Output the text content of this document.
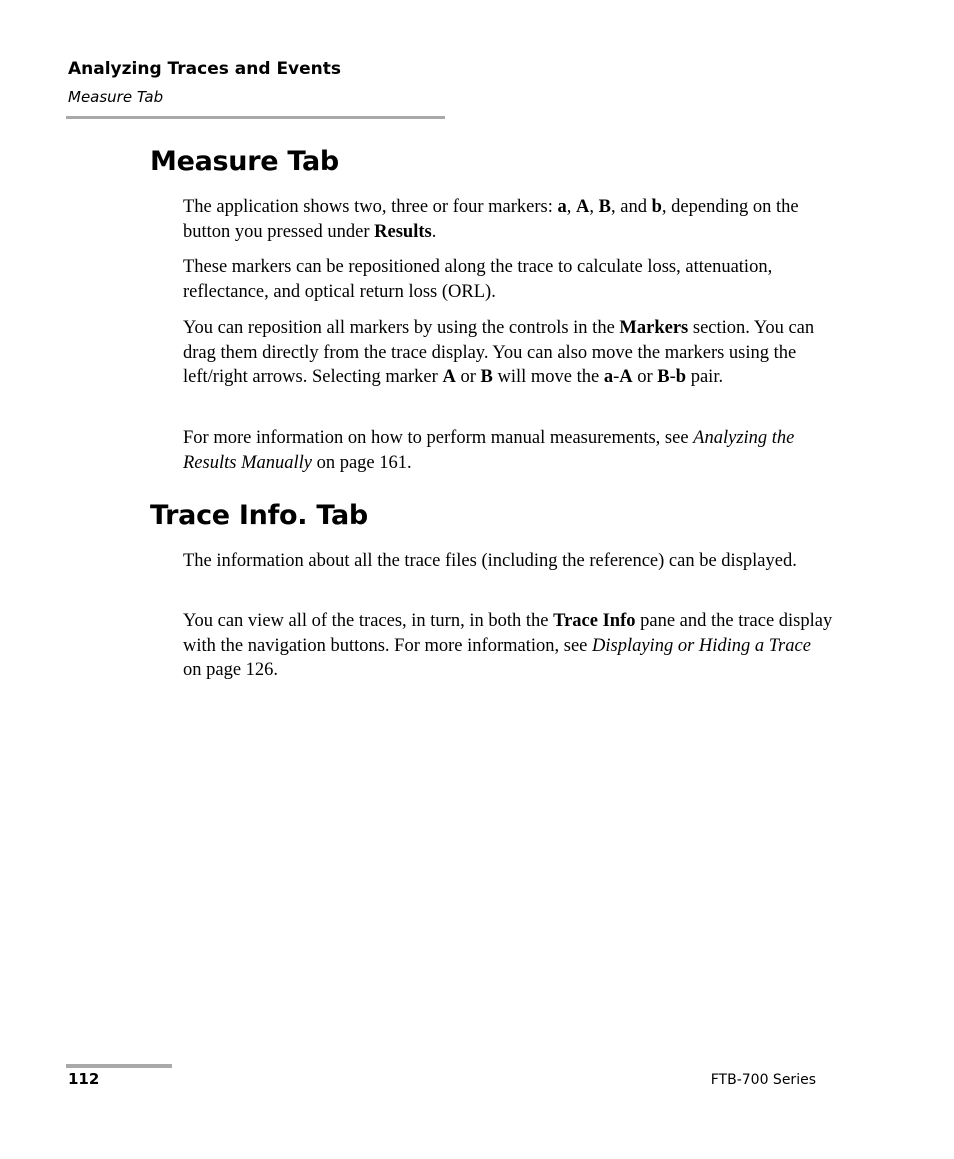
Analyzing Traces and Events
Measure Tab
Measure Tab

The application shows two, three or four markers: a, A, B, and b, depending on the button you pressed under Results.

These markers can be repositioned along the trace to calculate loss, attenuation, reflectance, and optical return loss (ORL).

You can reposition all markers by using the controls in the Markers section. You can drag them directly from the trace display. You can also move the markers using the left/right arrows. Selecting marker A or B will move the a-A or B-b pair.

For more information on how to perform manual measurements, see Analyzing the Results Manually on page 161.

Trace Info. Tab

The information about all the trace files (including the reference) can be displayed.

You can view all of the traces, in turn, in both the Trace Info pane and the trace display with the navigation buttons. For more information, see Displaying or Hiding a Trace on page 126.

112	FTB-700 Series
